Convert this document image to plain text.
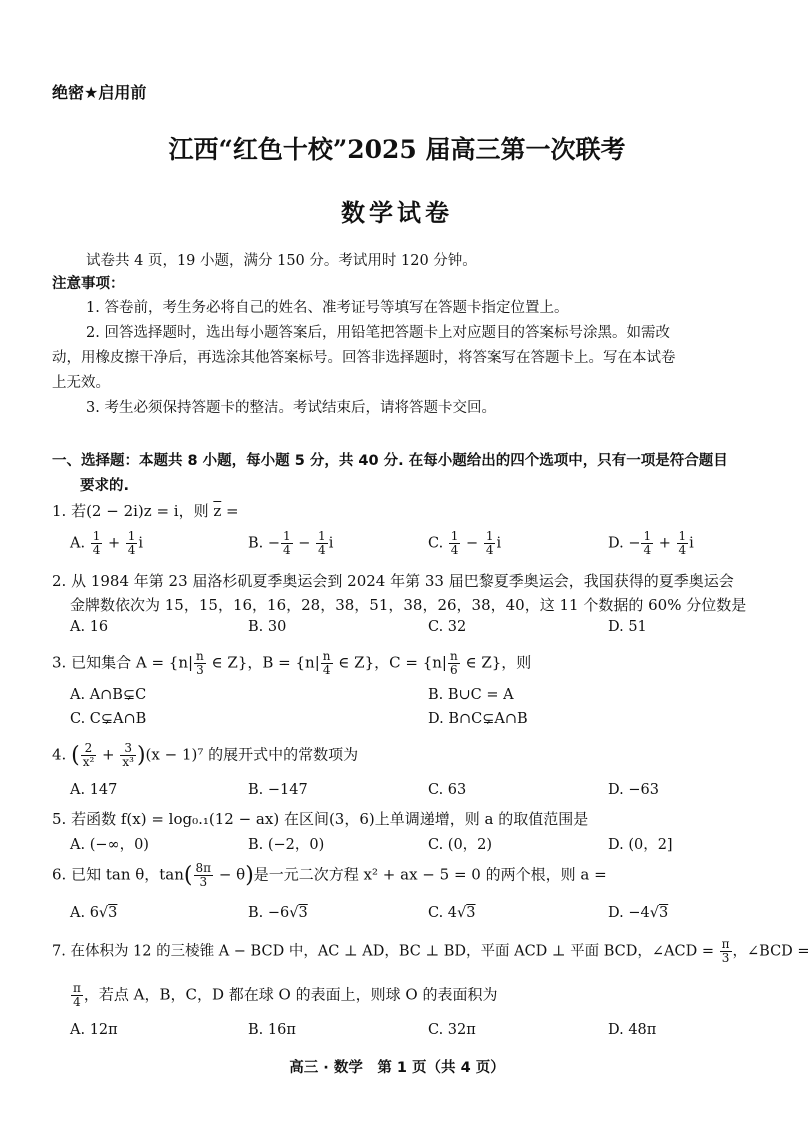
绝密★启用前
江西“红色十校”2025 届高三第一次联考
数学试卷
试卷共 4 页，19 小题，满分 150 分。考试用时 120 分钟。
注意事项：
1. 答卷前，考生务必将自己的姓名、准考证号等填写在答题卡指定位置上。
2. 回答选择题时，选出每小题答案后，用铅笔把答题卡上对应题目的答案标号涂黑。如需改
动，用橡皮擦干净后，再选涂其他答案标号。回答非选择题时，将答案写在答题卡上。写在本试卷
上无效。
3. 考生必须保持答题卡的整洁。考试结束后，请将答题卡交回。
一、选择题：本题共 8 小题，每小题 5 分，共 40 分. 在每小题给出的四个选项中，只有一项是符合题目
要求的.
1. 若(2 − 2i)z = i，则 $\overline{z}$ =
A. $\frac{1}{4} + \frac{1}{4}$ i	B. − $\frac{1}{4} - \frac{1}{4}$ i	C. $\frac{1}{4} - \frac{1}{4}$ i	D. − $\frac{1}{4} + \frac{1}{4}$ i
2. 从 1984 年第 23 届洛杉矶夏季奥运会到 2024 年第 33 届巴黎夏季奥运会，我国获得的夏季奥运会
金牌数依次为 15，15，16，16，28，38，51，38，26，38，40，这 11 个数据的 60% 分位数是
A. 16	B. 30	C. 32	D. 51
3. 已知集合 $A = \{n| \frac{n}{3}$ ∈ Z}，$B = \{n| \frac{n}{4}$ ∈ Z}，$C = \{n| \frac{n}{6}$ ∈ Z}，则
A. A∩B⊊C	B. B∪C = A
C. C⊊A∩B	D. B∩C⊊A∩B
4. ( $\frac{2}{\text{x²}} + \frac{3}{\text{x³}} )(x - 1)^7$ 的展开式中的常数项为
A. 147	B. −147	C. 63	D. −63
5. 若函数 f(x) = log₀.₁(12 − ax) 在区间(3，6)上单调递增，则 a 的取值范围是
A. (−∞，0)	B. (−2，0)	C. (0，2)	D. (0，2]
6. 已知 tan θ，$\tan( \frac{8\pi}{3} - \theta)$是一元二次方程 x² + ax − 5 = 0 的两个根，则 a =
A. 6√3	B. −6√3	C. 4√3	D. −4√3
7. 在体积为 12 的三棱锥 A − BCD 中，AC ⊥ AD，BC ⊥ BD，平面 ACD ⊥ 平面 BCD，∠ACD = $\frac{\pi}{3}$ ，∠BCD =
$\frac{\pi}{4}$ ，若点 A，B，C，D 都在球 O 的表面上，则球 O 的表面积为
A. 12π	B. 16π	C. 32π	D. 48π
高三 · 数学　第 1 页（共 4 页）
